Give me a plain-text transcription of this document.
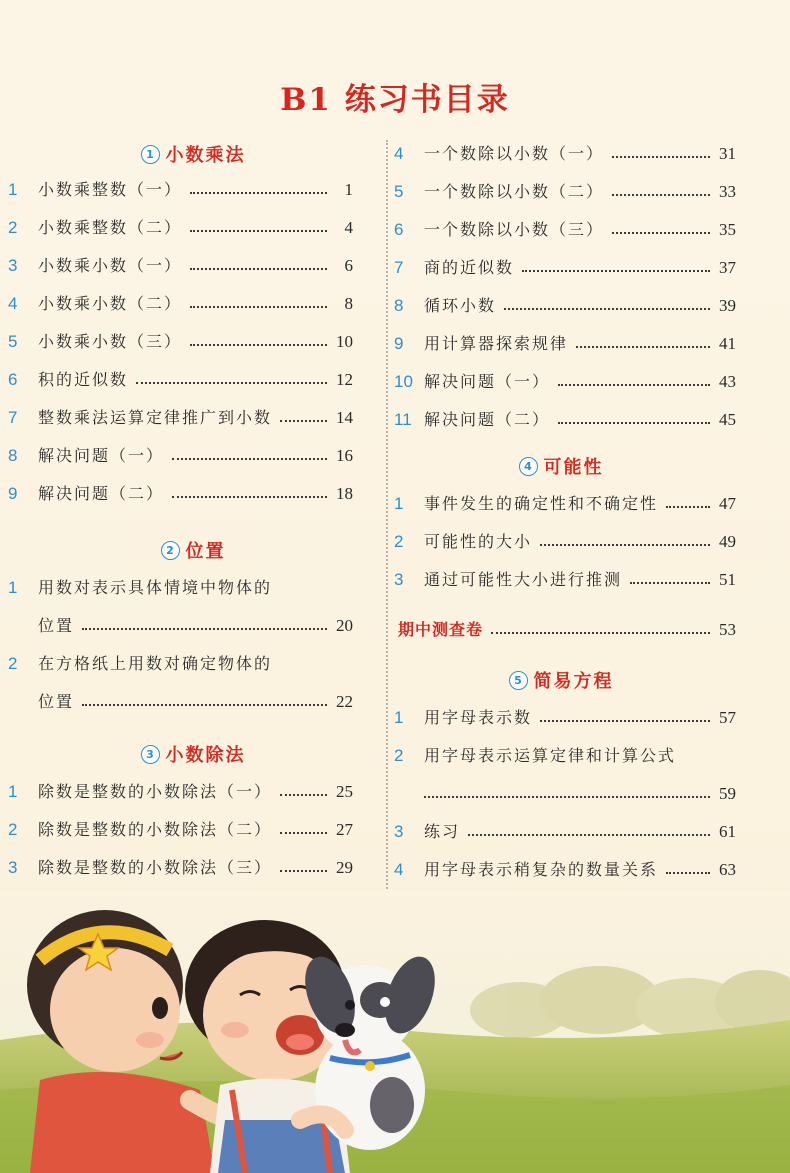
B1 练习书目录
1 小数乘法
1	小数乘整数（一）	1
2	小数乘整数（二）	4
3	小数乘小数（一）	6
4	小数乘小数（二）	8
5	小数乘小数（三）	10
6	积的近似数	12
7	整数乘法运算定律推广到小数	14
8	解决问题（一）	16
9	解决问题（二）	18
2 位置
1	用数对表示具体情境中物体的
位置	20
2	在方格纸上用数对确定物体的
位置	22
3 小数除法
1	除数是整数的小数除法（一）	25
2	除数是整数的小数除法（二）	27
3	除数是整数的小数除法（三）	29
4	一个数除以小数（一）	31
5	一个数除以小数（二）	33
6	一个数除以小数（三）	35
7	商的近似数	37
8	循环小数	39
9	用计算器探索规律	41
10 解决问题（一）	43
11 解决问题（二）	45
4 可能性
1	事件发生的确定性和不确定性	47
2	可能性的大小	49
3	通过可能性大小进行推测	51
期中测查卷	53
5 简易方程
1	用字母表示数	57
2	用字母表示运算定律和计算公式
59
3	练习	61
4	用字母表示稍复杂的数量关系	63
